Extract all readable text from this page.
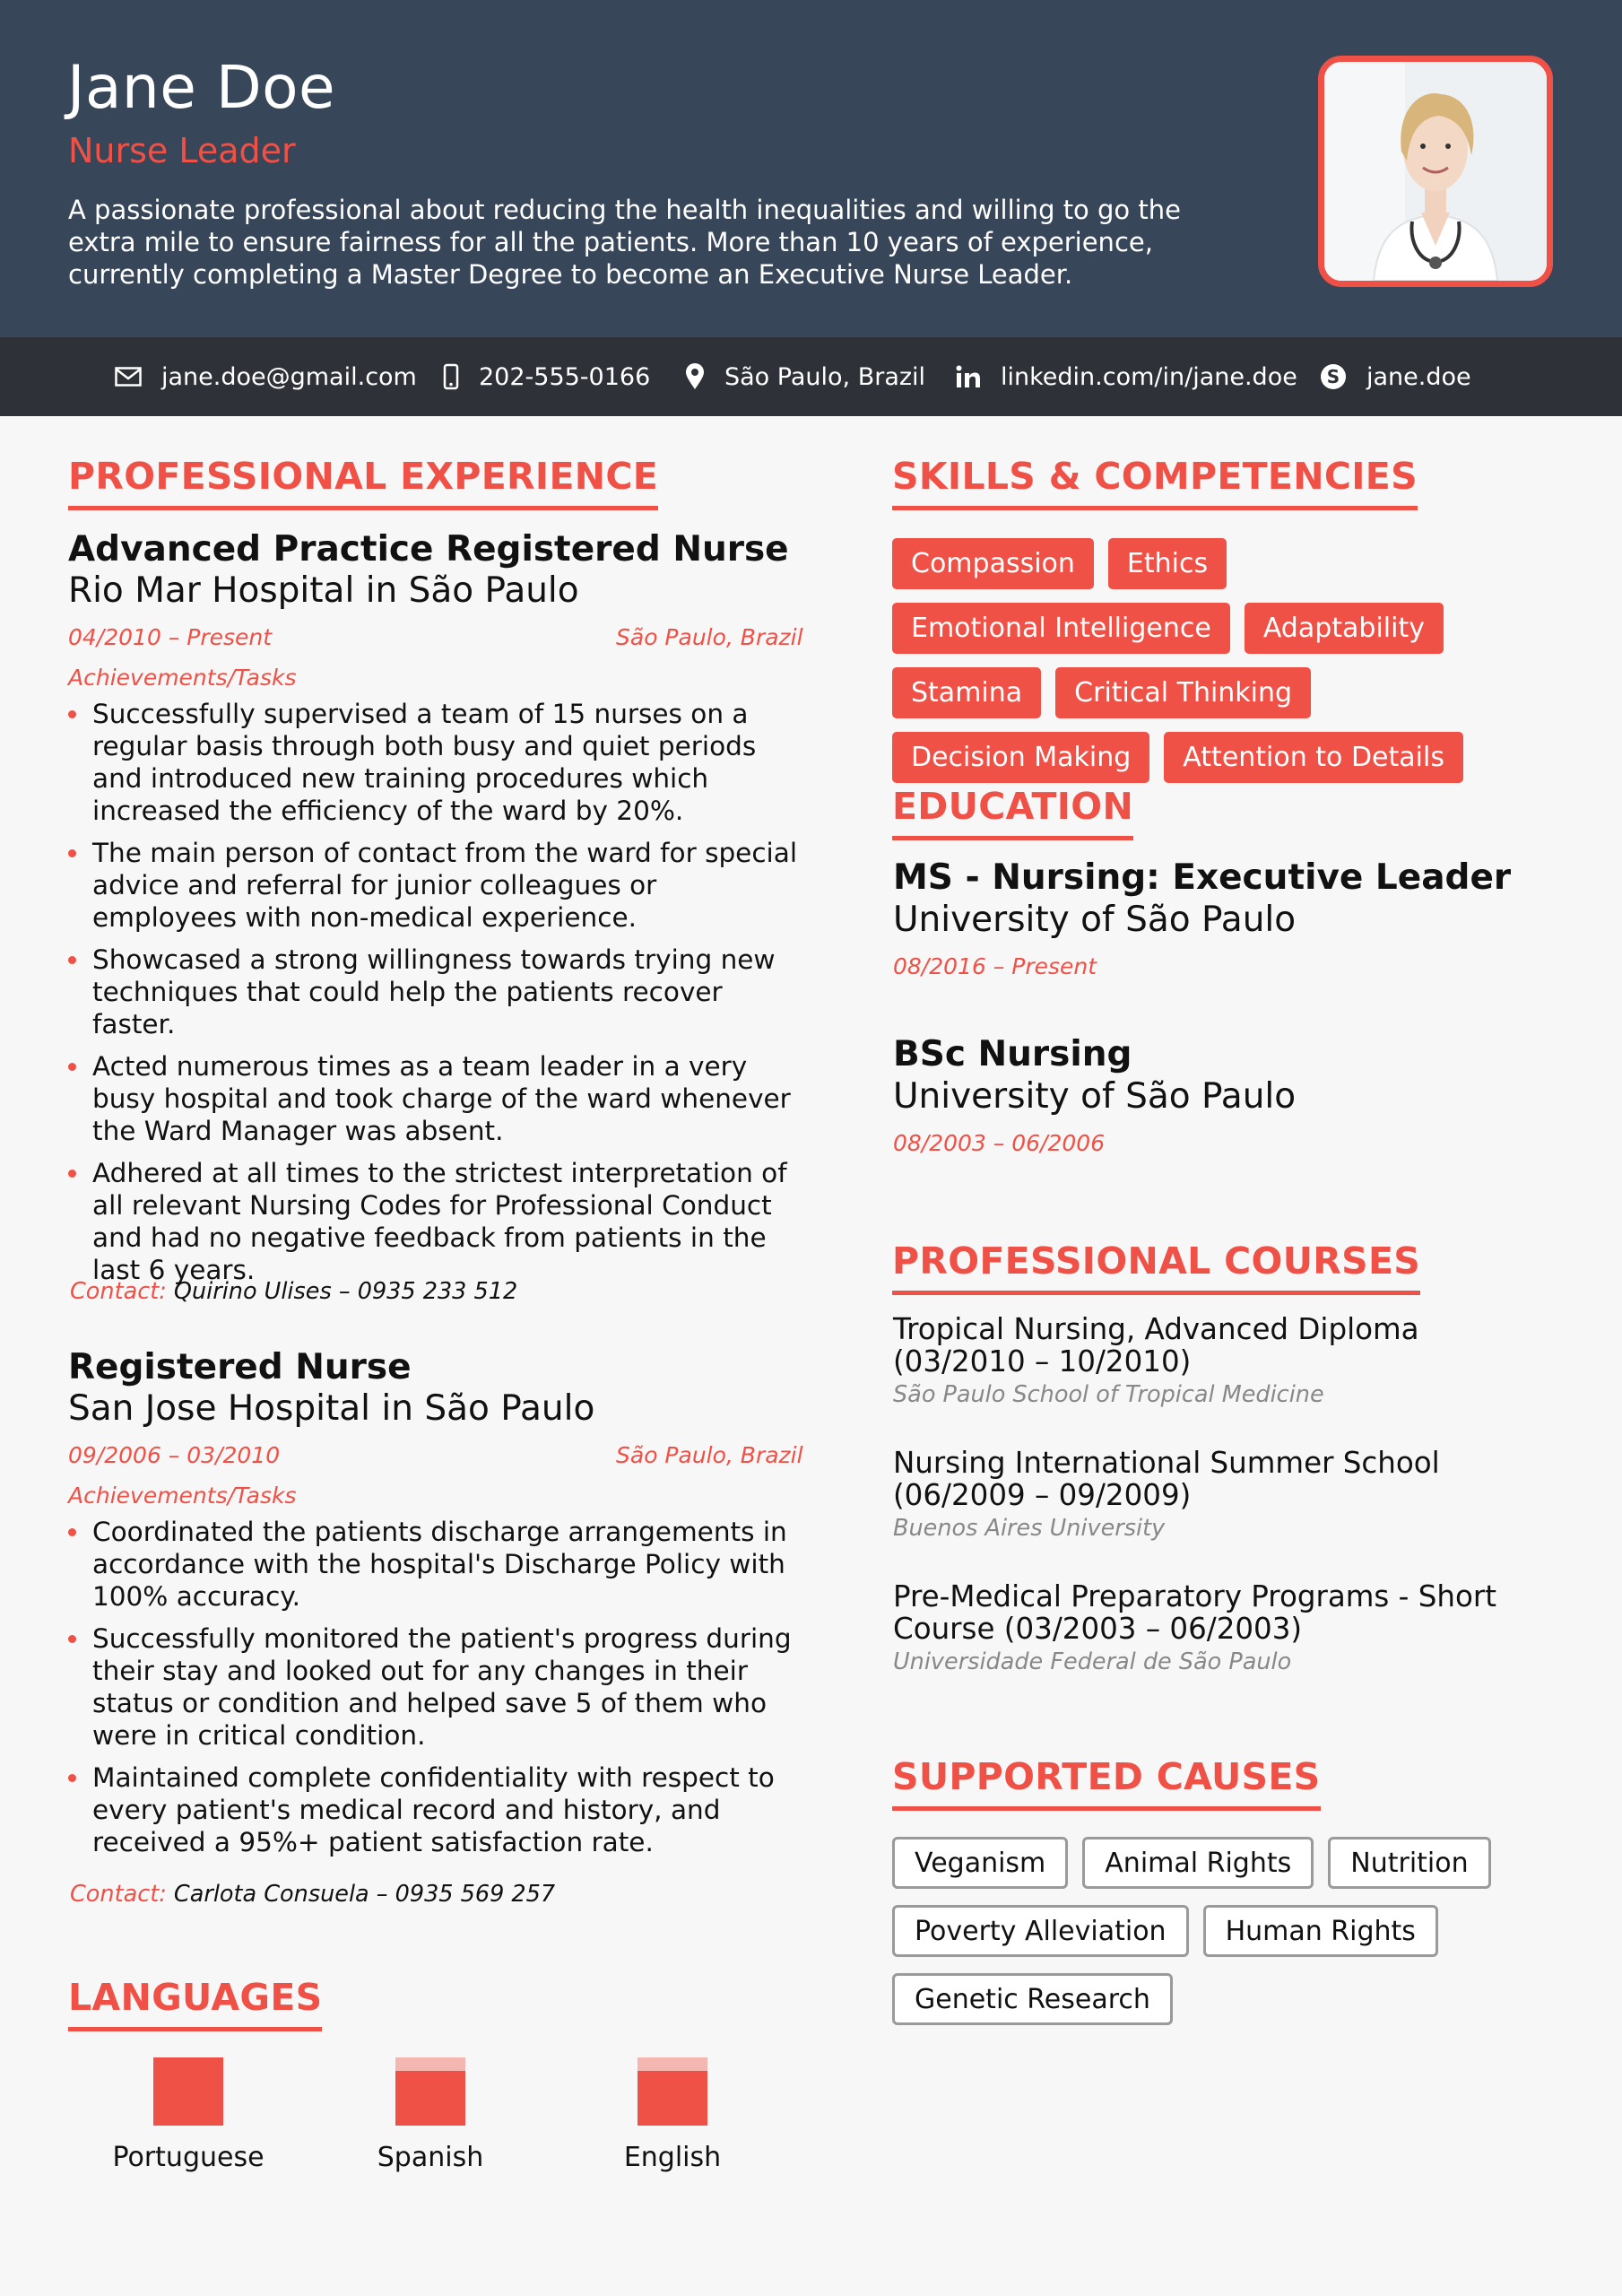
Jane Doe
Nurse Leader
A passionate professional about reducing the health inequalities and willing to go the extra mile to ensure fairness for all the patients. More than 10 years of experience, currently completing a Master Degree to become an Executive Nurse Leader.
jane.doe@gmail.com	202-555-0166	São Paulo, Brazil	linkedin.com/in/jane.doe S jane.doe
PROFESSIONAL EXPERIENCE
Advanced Practice Registered Nurse
Rio Mar Hospital in São Paulo
04/2010 – Present	São Paulo, Brazil
Achievements/Tasks
Successfully supervised a team of 15 nurses on a regular basis through both busy and quiet periods and introduced new training procedures which increased the efficiency of the ward by 20%.
The main person of contact from the ward for special advice and referral for junior colleagues or employees with non-medical experience.
Showcased a strong willingness towards trying new techniques that could help the patients recover faster.
Acted numerous times as a team leader in a very busy hospital and took charge of the ward whenever the Ward Manager was absent.
Adhered at all times to the strictest interpretation of all relevant Nursing Codes for Professional Conduct and had no negative feedback from patients in the last 6 years.
Contact: Quirino Ulises – 0935 233 512
Registered Nurse
San Jose Hospital in São Paulo
09/2006 – 03/2010	São Paulo, Brazil
Achievements/Tasks
Coordinated the patients discharge arrangements in accordance with the hospital's Discharge Policy with 100% accuracy.
Successfully monitored the patient's progress during their stay and looked out for any changes in their status or condition and helped save 5 of them who were in critical condition.
Maintained complete confidentiality with respect to every patient's medical record and history, and received a 95%+ patient satisfaction rate.
Contact: Carlota Consuela – 0935 569 257
LANGUAGES
Portuguese	Spanish	English
SKILLS & COMPETENCIES
Compassion	Ethics
Emotional Intelligence	Adaptability
Stamina	Critical Thinking
Decision Making	Attention to Details
EDUCATION
MS - Nursing: Executive Leader
University of São Paulo
08/2016 – Present
BSc Nursing
University of São Paulo
08/2003 – 06/2006
PROFESSIONAL COURSES
Tropical Nursing, Advanced Diploma (03/2010 – 10/2010)
São Paulo School of Tropical Medicine
Nursing International Summer School (06/2009 – 09/2009)
Buenos Aires University
Pre-Medical Preparatory Programs - Short Course (03/2003 – 06/2003)
Universidade Federal de São Paulo
SUPPORTED CAUSES
Veganism	Animal Rights	Nutrition
Poverty Alleviation	Human Rights
Genetic Research
